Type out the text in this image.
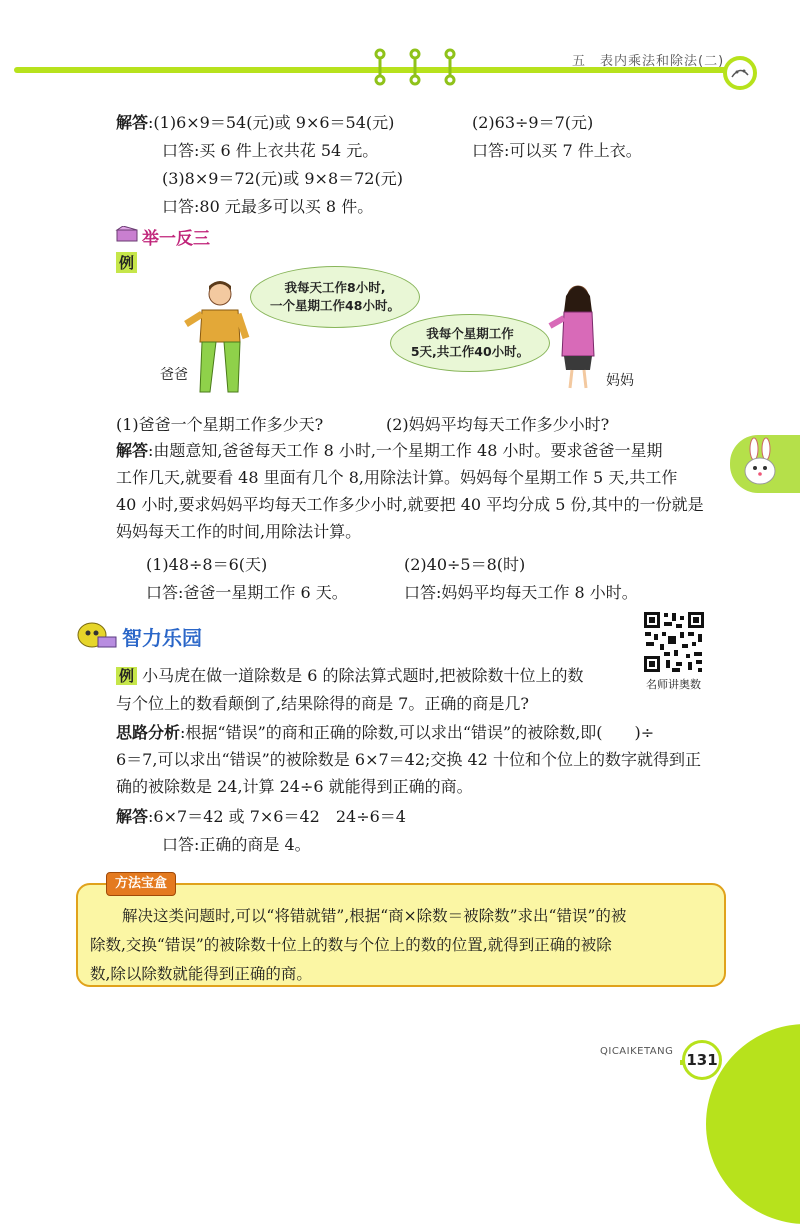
五　表内乘法和除法(二)
解答:(1)6×9＝54(元)或 9×6＝54(元)	(2)63÷9＝7(元)
口答:买 6 件上衣共花 54 元。	口答:可以买 7 件上衣。
(3)8×9＝72(元)或 9×8＝72(元)
口答:80 元最多可以买 8 件。
举一反三
例
我每天工作8小时,
一个星期工作48小时。
我每个星期工作
5天,共工作40小时。
爸爸	妈妈
(1)爸爸一个星期工作多少天?	(2)妈妈平均每天工作多少小时?
解答:由题意知,爸爸每天工作 8 小时,一个星期工作 48 小时。要求爸爸一星期
工作几天,就要看 48 里面有几个 8,用除法计算。妈妈每个星期工作 5 天,共工作
40 小时,要求妈妈平均每天工作多少小时,就要把 40 平均分成 5 份,其中的一份就是
妈妈每天工作的时间,用除法计算。
(1)48÷8＝6(天)	(2)40÷5＝8(时)
口答:爸爸一星期工作 6 天。	口答:妈妈平均每天工作 8 小时。
智力乐园
名师讲奥数
例 小马虎在做一道除数是 6 的除法算式题时,把被除数十位上的数
与个位上的数看颠倒了,结果除得的商是 7。正确的商是几?
思路分析:根据“错误”的商和正确的除数,可以求出“错误”的被除数,即(　　)÷
6＝7,可以求出“错误”的被除数是 6×7＝42;交换 42 十位和个位上的数字就得到正
确的被除数是 24,计算 24÷6 就能得到正确的商。
解答:6×7＝42 或 7×6＝42　24÷6＝4
口答:正确的商是 4。
方法宝盒
解决这类问题时,可以“将错就错”,根据“商×除数＝被除数”求出“错误”的被
除数,交换“错误”的被除数十位上的数与个位上的数的位置,就得到正确的被除
数,除以除数就能得到正确的商。
QICAIKETANG 131
